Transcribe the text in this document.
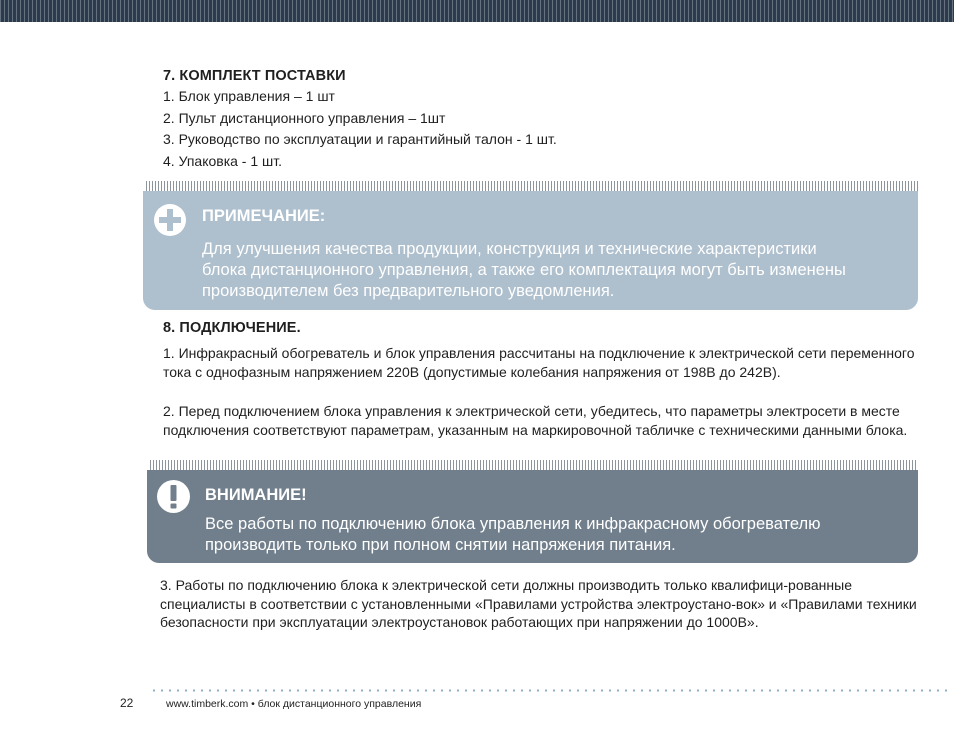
7. КОМПЛЕКТ ПОСТАВКИ
1. Блок управления – 1 шт
2. Пульт дистанционного управления – 1шт
3. Руководство по эксплуатации и гарантийный талон - 1 шт.
4. Упаковка - 1 шт.
ПРИМЕЧАНИЕ:
Для улучшения качества продукции, конструкция и технические характеристики
блока дистанционного управления, а также его комплектация могут быть изменены
производителем без предварительного уведомления.
8. ПОДКЛЮЧЕНИЕ.
1. Инфракрасный обогреватель и блок управления рассчитаны на подключение к электрической сети переменного тока с однофазным напряжением 220В (допустимые колебания напряжения от 198В до 242В).
2. Перед подключением блока управления к электрической сети, убедитесь, что параметры электросети в месте подключения соответствуют параметрам, указанным на маркировочной табличке с техническими данными блока.
ВНИМАНИЕ!
Все работы по подключению блока управления к инфракрасному обогревателю
производить только при полном снятии напряжения питания.
3. Работы по подключению блока к электрической сети должны производить только квалифици-рованные специалисты в соответствии с установленными «Правилами устройства электроустано-вок» и «Правилами техники безопасности при эксплуатации электроустановок работающих при напряжении до 1000В».
22	www.timberk.com • блок дистанционного управления
